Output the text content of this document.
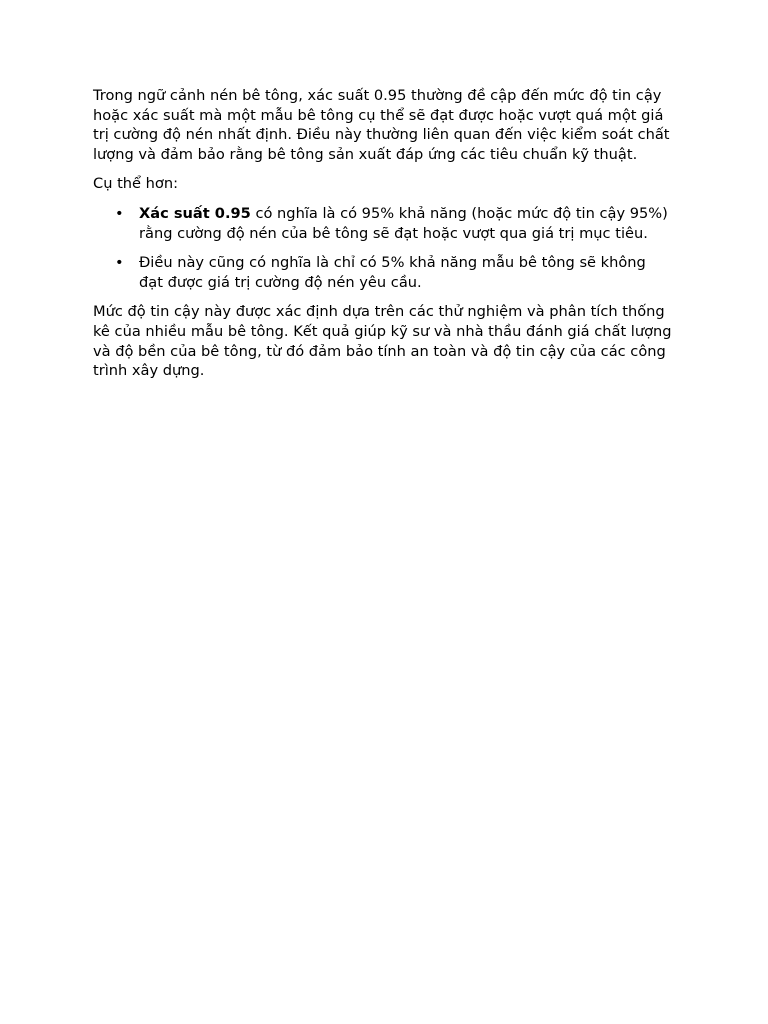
Trong ngữ cảnh nén bê tông, xác suất 0.95 thường đề cập đến mức độ tin cậy hoặc xác suất mà một mẫu bê tông cụ thể sẽ đạt được hoặc vượt quá một giá trị cường độ nén nhất định. Điều này thường liên quan đến việc kiểm soát chất lượng và đảm bảo rằng bê tông sản xuất đáp ứng các tiêu chuẩn kỹ thuật.

Cụ thể hơn:

• Xác suất 0.95 có nghĩa là có 95% khả năng (hoặc mức độ tin cậy 95%) rằng cường độ nén của bê tông sẽ đạt hoặc vượt qua giá trị mục tiêu.
• Điều này cũng có nghĩa là chỉ có 5% khả năng mẫu bê tông sẽ không đạt được giá trị cường độ nén yêu cầu.

Mức độ tin cậy này được xác định dựa trên các thử nghiệm và phân tích thống kê của nhiều mẫu bê tông. Kết quả giúp kỹ sư và nhà thầu đánh giá chất lượng và độ bền của bê tông, từ đó đảm bảo tính an toàn và độ tin cậy của các công trình xây dựng.
